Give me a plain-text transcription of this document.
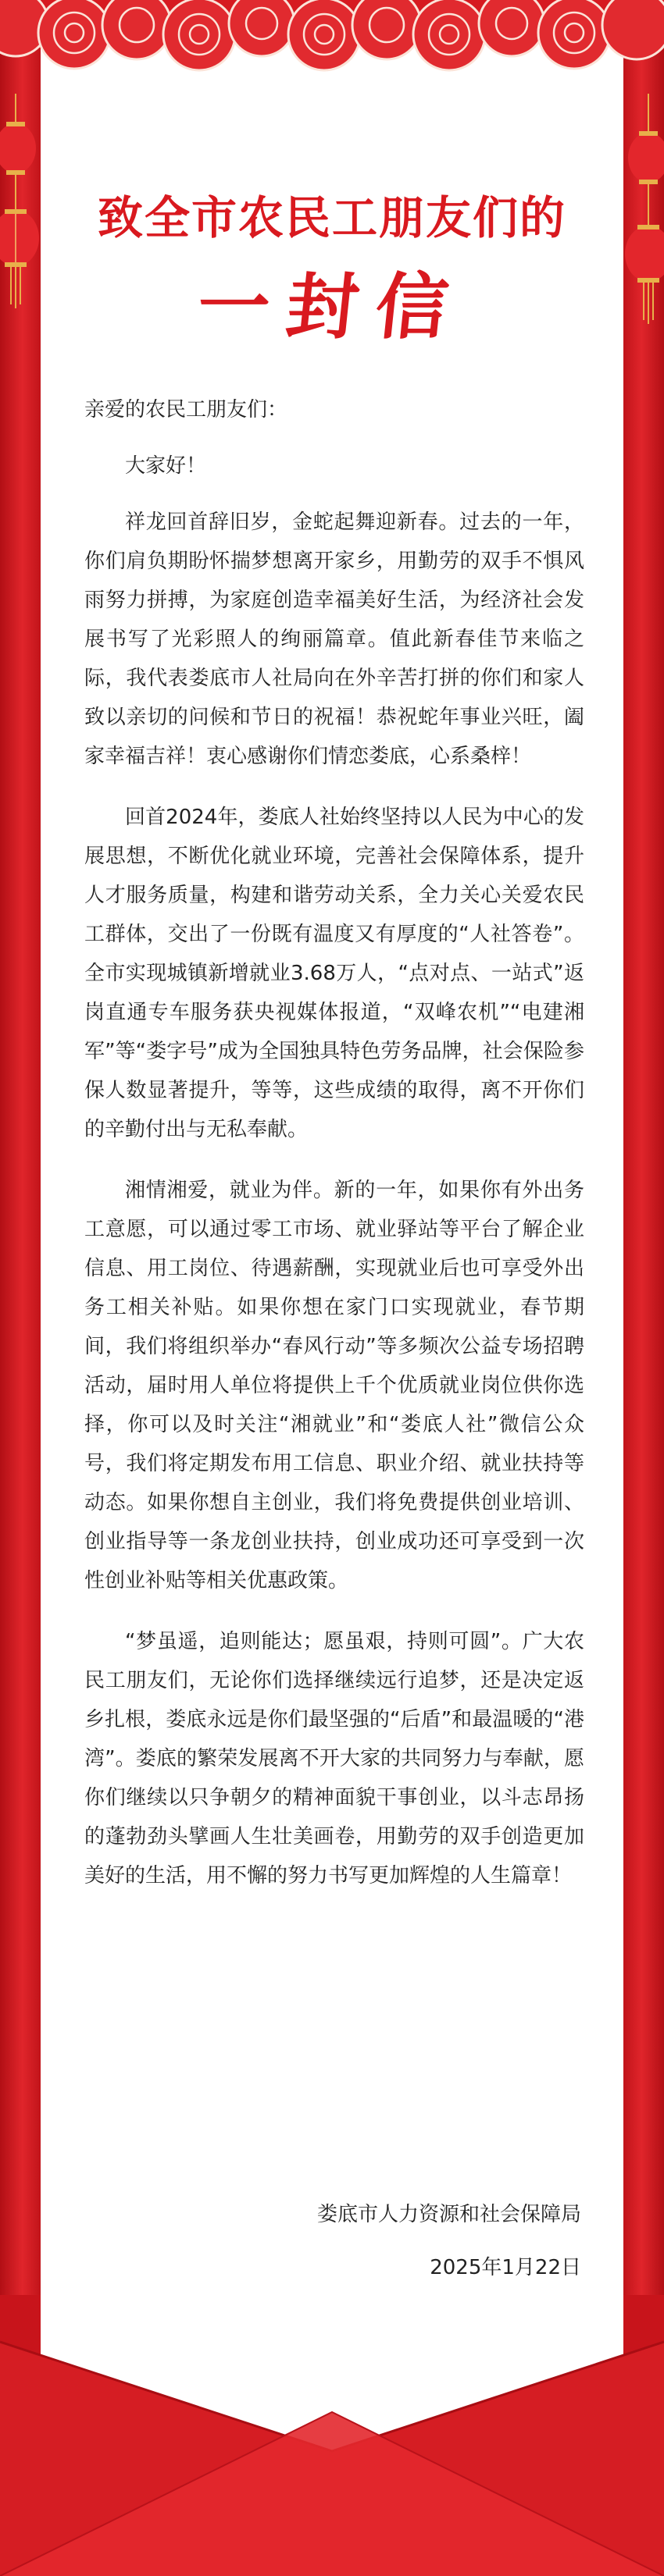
致全市农民工朋友们的
一封信

亲爱的农民工朋友们：

大家好！

祥龙回首辞旧岁，金蛇起舞迎新春。过去的一年，你们肩负期盼怀揣梦想离开家乡，用勤劳的双手不惧风雨努力拼搏，为家庭创造幸福美好生活，为经济社会发展书写了光彩照人的绚丽篇章。值此新春佳节来临之际，我代表娄底市人社局向在外辛苦打拼的你们和家人致以亲切的问候和节日的祝福！恭祝蛇年事业兴旺，阖家幸福吉祥！衷心感谢你们情恋娄底，心系桑梓！

回首2024年，娄底人社始终坚持以人民为中心的发展思想，不断优化就业环境，完善社会保障体系，提升人才服务质量，构建和谐劳动关系，全力关心关爱农民工群体，交出了一份既有温度又有厚度的“人社答卷”。全市实现城镇新增就业3.68万人，“点对点、一站式”返岗直通专车服务获央视媒体报道，“双峰农机”“电建湘军”等“娄字号”成为全国独具特色劳务品牌，社会保险参保人数显著提升，等等，这些成绩的取得，离不开你们的辛勤付出与无私奉献。

湘情湘爱，就业为伴。新的一年，如果你有外出务工意愿，可以通过零工市场、就业驿站等平台了解企业信息、用工岗位、待遇薪酬，实现就业后也可享受外出务工相关补贴。如果你想在家门口实现就业，春节期间，我们将组织举办“春风行动”等多频次公益专场招聘活动，届时用人单位将提供上千个优质就业岗位供你选择，你可以及时关注“湘就业”和“娄底人社”微信公众号，我们将定期发布用工信息、职业介绍、就业扶持等动态。如果你想自主创业，我们将免费提供创业培训、创业指导等一条龙创业扶持，创业成功还可享受到一次性创业补贴等相关优惠政策。

“梦虽遥，追则能达；愿虽艰，持则可圆”。广大农民工朋友们，无论你们选择继续远行追梦，还是决定返乡扎根，娄底永远是你们最坚强的“后盾”和最温暖的“港湾”。娄底的繁荣发展离不开大家的共同努力与奉献，愿你们继续以只争朝夕的精神面貌干事创业，以斗志昂扬的蓬勃劲头擘画人生壮美画卷，用勤劳的双手创造更加美好的生活，用不懈的努力书写更加辉煌的人生篇章！

娄底市人力资源和社会保障局
2025年1月22日
